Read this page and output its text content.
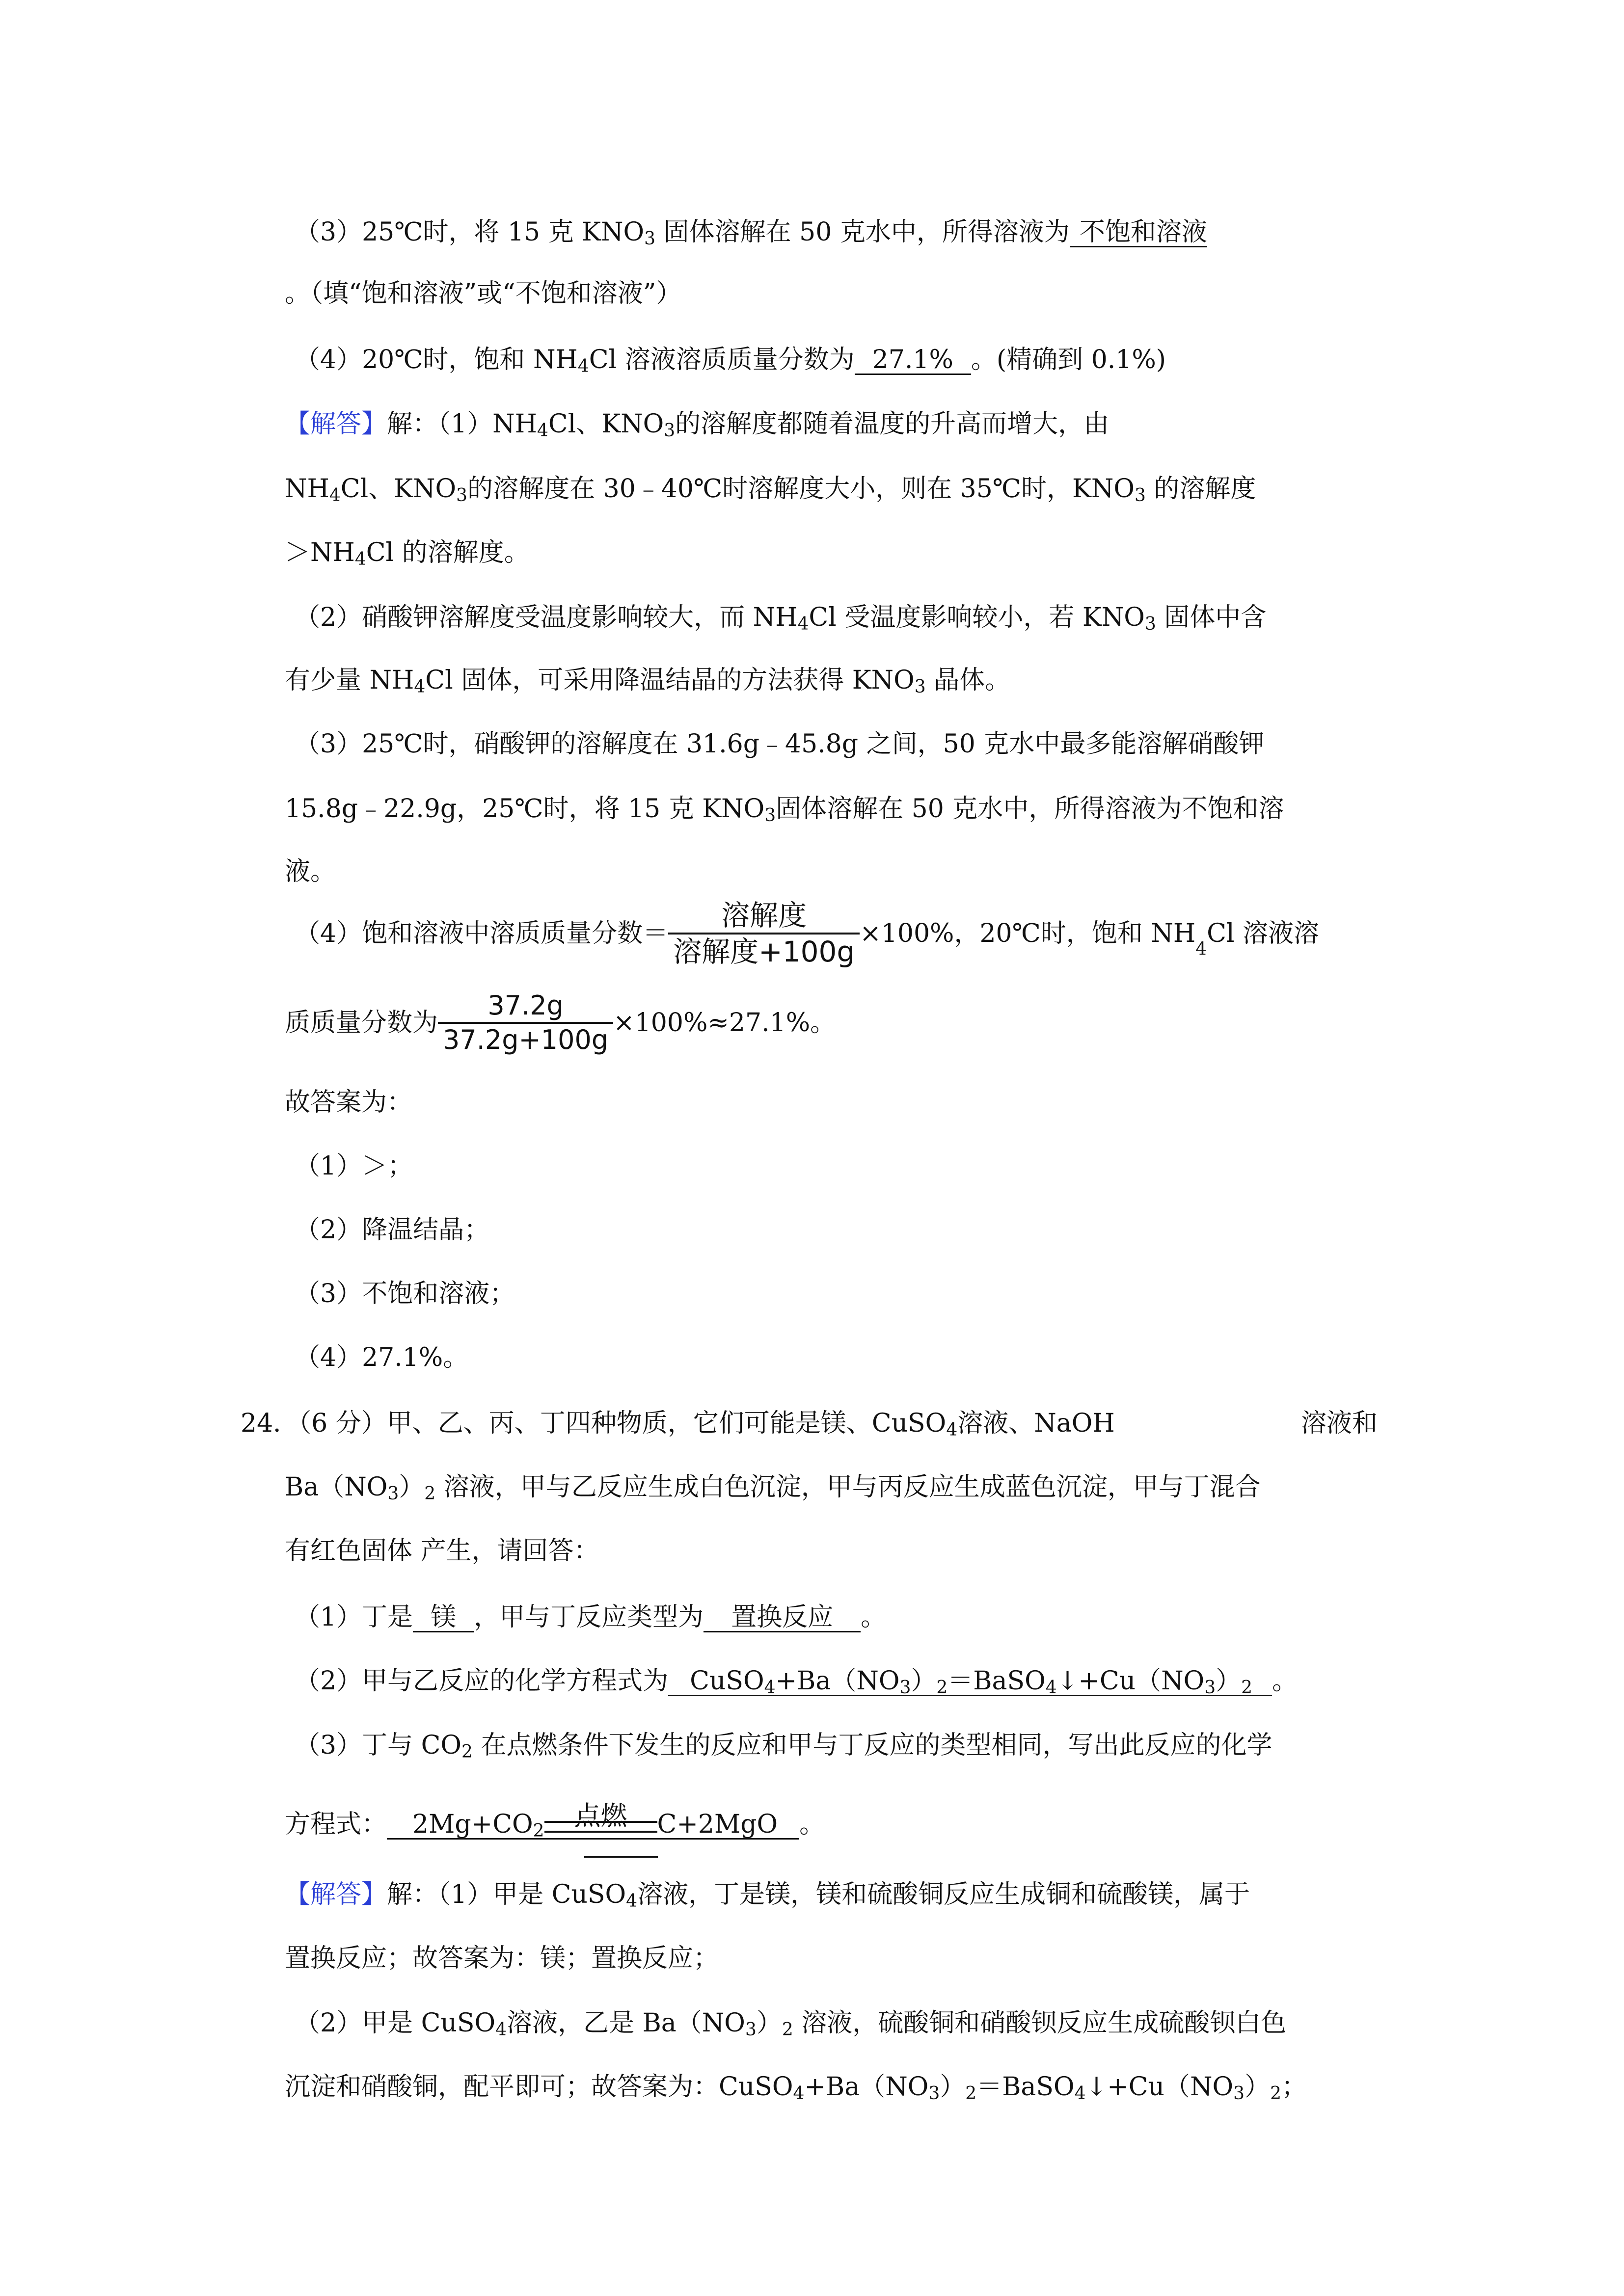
（3）25℃时，将 15 克 $KNO_3$ 固体溶解在 50 克水中，所得溶液为 不饱和溶液
。（填“饱和溶液”或“不饱和溶液”）
（4）20℃时，饱和 $NH_4Cl$ 溶液溶质质量分数为 27.1% 。(精确到 0.1%)
【解答】解：$(1)NH_4Cl$、$KNO_3$的溶解度都随着温度的升高而增大，由
$NH_4Cl$、$KNO_3$的溶解度在 30﹣40℃时溶解度大小，则在 35℃时，$KNO_3$ 的溶解度
$>NH_4Cl$ 的溶解度。
（2）硝酸钾溶解度受温度影响较大，而 $NH_4Cl$ 受温度影响较小，若 $KNO_3$ 固体中含
有少量 $NH_4Cl$ 固体，可采用降温结晶的方法获得 $KNO_3$ 晶体。
（3）25℃时，硝酸钾的溶解度在 31.6g﹣45.8g 之间，50 克水中最多能溶解硝酸钾
15.8g﹣22.9g，25℃时，将 15 克 $KNO_3$固体溶解在 50 克水中，所得溶液为不饱和溶
液。
（4）饱和溶液中溶质质量分数＝ $\frac{\text{溶解度}}{\text{溶解度+100g}} \times 100\%$，20℃时，饱和 $NH_4Cl$ 溶液溶
质质量分数为 $\frac{37.2g}{37.2g+100g} \times 100\%\approx 27.1\%$。
故答案为：
（1）＞；
（2）降温结晶；
（3）不饱和溶液；
（4）27.1%。
24．（6 分）甲、乙、丙、丁四种物质，它们可能是镁、CuSO$_4$溶液、NaOH	溶液和
$Ba(NO_3)_2$ 溶液，甲与乙反应生成白色沉淀，甲与丙反应生成蓝色沉淀，甲与丁混合
有红色固体 产生，请回答：
（1）丁是 镁 ，甲与丁反应类型为 置换反应 。
（2）甲与乙反应的化学方程式为 $CuSO_4+Ba(NO_3)_2=BaSO_4↓+Cu(NO_3)_2$ 。
（3）丁与 $CO_2$ 在点燃条件下发生的反应和甲与丁反应的类型相同，写出此反应的化学
方程式： $2Mg+CO_2$	点燃	C+2MgO 。
【解答】解：（1）甲是 CuSO$_4$溶液，丁是镁，镁和硫酸铜反应生成铜和硫酸镁，属于
置换反应；故答案为：镁；置换反应；
（2）甲是 CuSO$_4$溶液，乙是 $Ba(NO_3)_2$ 溶液，硫酸铜和硝酸钡反应生成硫酸钡白色
沉淀和硝酸铜，配平即可；故答案为：$CuSO_4+Ba(NO_3)_2=BaSO_4↓+Cu(NO_3)_2$；
